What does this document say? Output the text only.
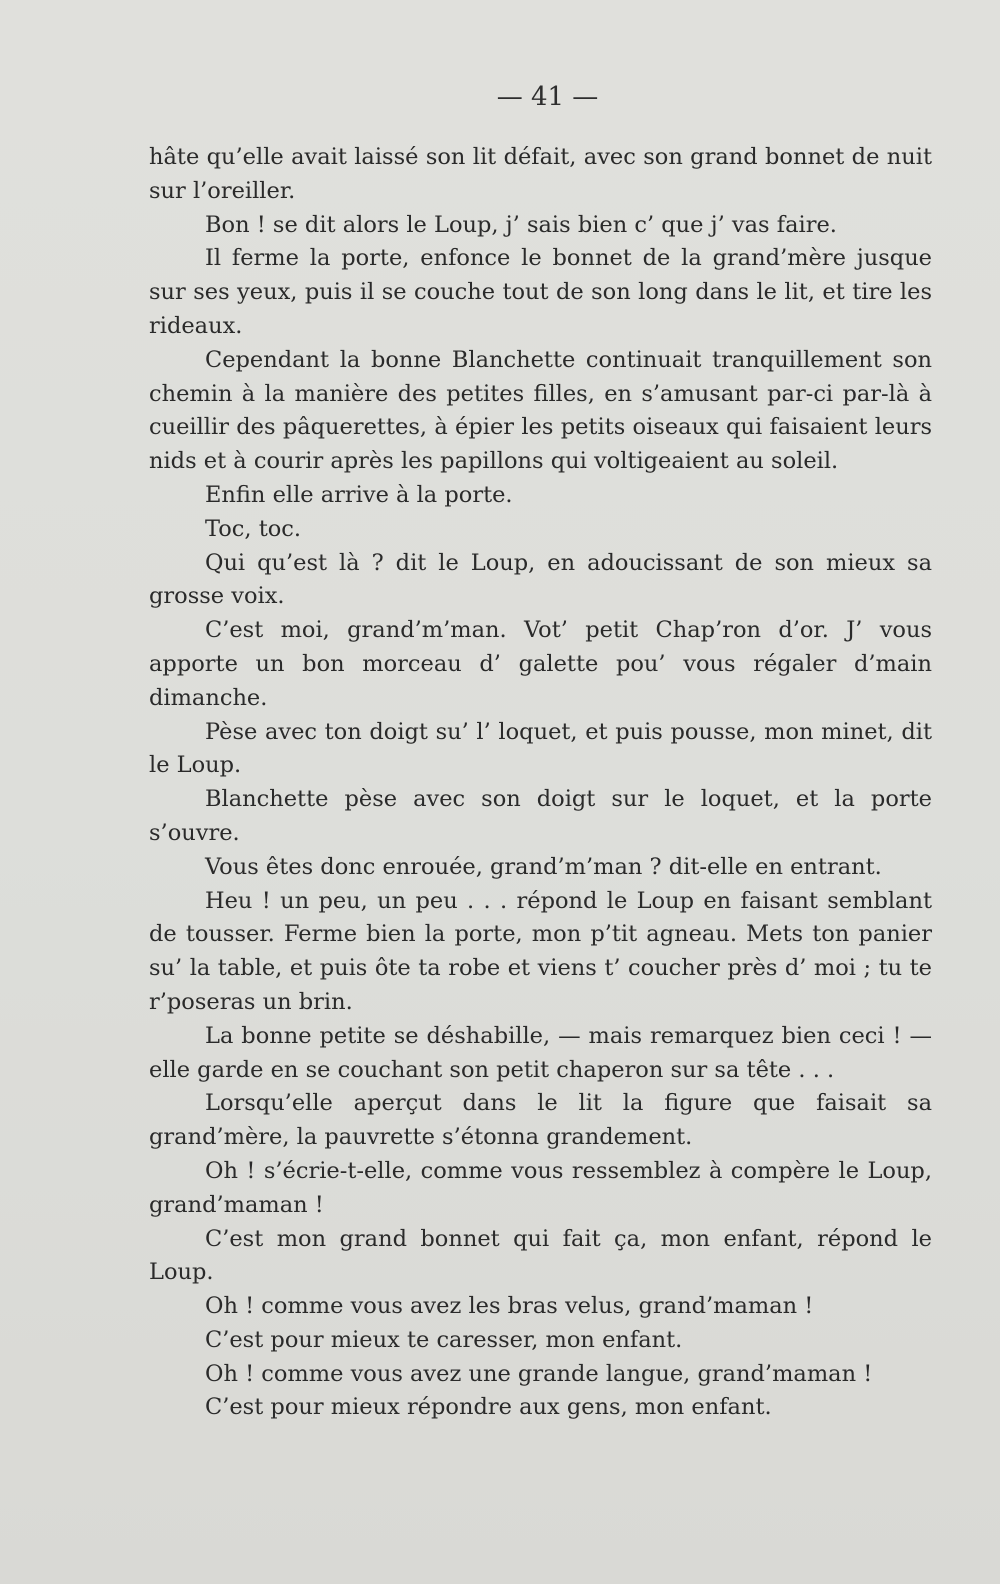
— 41 —

hâte qu’elle avait laissé son lit défait, avec son grand bonnet de nuit sur l’oreiller.

Bon ! se dit alors le Loup, j’ sais bien c’ que j’ vas faire.

Il ferme la porte, enfonce le bonnet de la grand’mère jusque sur ses yeux, puis il se couche tout de son long dans le lit, et tire les rideaux.

Cependant la bonne Blanchette continuait tranquillement son chemin à la manière des petites filles, en s’amusant par-ci par-là à cueillir des pâquerettes, à épier les petits oiseaux qui faisaient leurs nids et à courir après les papillons qui voltigeaient au soleil.

Enfin elle arrive à la porte.

Toc, toc.

Qui qu’est là ? dit le Loup, en adoucissant de son mieux sa grosse voix.

C’est moi, grand’m’man. Vot’ petit Chap’ron d’or. J’ vous apporte un bon morceau d’ galette pou’ vous régaler d’main dimanche.

Pèse avec ton doigt su’ l’ loquet, et puis pousse, mon minet, dit le Loup.

Blanchette pèse avec son doigt sur le loquet, et la porte s’ouvre.

Vous êtes donc enrouée, grand’m’man ? dit-elle en entrant.

Heu ! un peu, un peu . . . répond le Loup en faisant semblant de tousser. Ferme bien la porte, mon p’tit agneau. Mets ton panier su’ la table, et puis ôte ta robe et viens t’ coucher près d’ moi ; tu te r’poseras un brin.

La bonne petite se déshabille, — mais remarquez bien ceci ! — elle garde en se couchant son petit chaperon sur sa tête . . .

Lorsqu’elle aperçut dans le lit la figure que faisait sa grand’mère, la pauvrette s’étonna grandement.

Oh ! s’écrie-t-elle, comme vous ressemblez à compère le Loup, grand’maman !

C’est mon grand bonnet qui fait ça, mon enfant, répond le Loup.

Oh ! comme vous avez les bras velus, grand’maman !

C’est pour mieux te caresser, mon enfant.

Oh ! comme vous avez une grande langue, grand’maman !

C’est pour mieux répondre aux gens, mon enfant.
